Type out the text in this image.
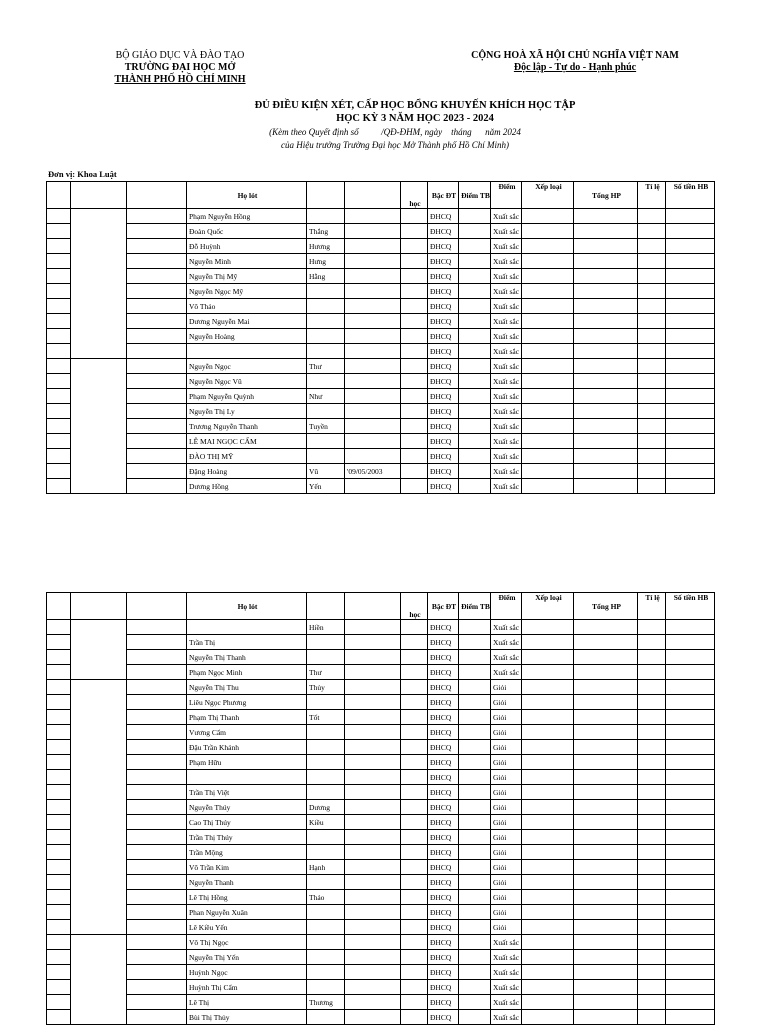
BỘ GIÁO DỤC VÀ ĐÀO TẠO
TRƯỜNG ĐẠI HỌC MỞ
THÀNH PHỐ HỒ CHÍ MINH
CỘNG HOÀ XÃ HỘI CHỦ NGHĨA VIỆT NAM
Độc lập - Tự do - Hạnh phúc
ĐỦ ĐIỀU KIỆN XÉT, CẤP HỌC BỔNG KHUYẾN KHÍCH HỌC TẬP
HỌC KỲ 3 NĂM HỌC 2023 - 2024
(Kèm theo Quyết định số          /QĐ-ĐHM, ngày    tháng      năm 2024
của Hiệu trưởng Trường Đại học Mở Thành phố Hồ Chí Minh)
Đơn vị: Khoa Luật
			Họ lót			học	Bậc ĐT	Điểm TB	Điểm	Xếp loại	Tổng HP	Tỉ lệ	Số tiền HB
			Phạm Nguyễn Hồng				ĐHCQ		Xuất sắc				
			Đoàn Quốc	Thắng			ĐHCQ		Xuất sắc				
			Đỗ Huỳnh	Hương			ĐHCQ		Xuất sắc				
			Nguyễn Minh	Hưng			ĐHCQ		Xuất sắc				
			Nguyễn Thị Mỹ	Hằng			ĐHCQ		Xuất sắc				
			Nguyễn Ngọc Mỹ				ĐHCQ		Xuất sắc				
			Võ Thảo				ĐHCQ		Xuất sắc				
			Dương Nguyễn Mai				ĐHCQ		Xuất sắc				
			Nguyễn Hoàng				ĐHCQ		Xuất sắc				
							ĐHCQ		Xuất sắc				
			Nguyễn Ngọc	Thư			ĐHCQ		Xuất sắc				
			Nguyễn Ngọc Vũ				ĐHCQ		Xuất sắc				
			Phạm Nguyễn Quỳnh	Như			ĐHCQ		Xuất sắc				
			Nguyễn Thị Ly				ĐHCQ		Xuất sắc				
			Trương Nguyễn Thanh	Tuyền			ĐHCQ		Xuất sắc				
			LÊ MAI NGỌC CẨM				ĐHCQ		Xuất sắc				
			ĐÀO THỊ MỸ				ĐHCQ		Xuất sắc				
			Đặng Hoàng	Vũ	'09/05/2003		ĐHCQ		Xuất sắc				
			Dương Hồng	Yến			ĐHCQ		Xuất sắc				
			Họ lót			học	Bậc ĐT	Điểm TB	Điểm	Xếp loại	Tổng HP	Tỉ lệ	Số tiền HB
				Hiền			ĐHCQ		Xuất sắc				
			Trần Thị				ĐHCQ		Xuất sắc				
			Nguyễn Thị Thanh				ĐHCQ		Xuất sắc				
			Phạm Ngọc Minh	Thư			ĐHCQ		Xuất sắc				
			Nguyễn Thị Thu	Thủy			ĐHCQ		Giỏi				
			Liêu Ngọc Phương				ĐHCQ		Giỏi				
			Phạm Thị Thanh	Tốt			ĐHCQ		Giỏi				
			Vương Cẩm				ĐHCQ		Giỏi				
			Đậu Trần Khánh				ĐHCQ		Giỏi				
			Phạm Hữu				ĐHCQ		Giỏi				
							ĐHCQ		Giỏi				
			Trần Thị Việt				ĐHCQ		Giỏi				
			Nguyễn Thúy	Dương			ĐHCQ		Giỏi				
			Cao Thị Thúy	Kiều			ĐHCQ		Giỏi				
			Trần Thị Thúy				ĐHCQ		Giỏi				
			Trần Mộng				ĐHCQ		Giỏi				
			Võ Trần Kim	Hạnh			ĐHCQ		Giỏi				
			Nguyễn Thanh				ĐHCQ		Giỏi				
			Lê Thị Hồng	Thảo			ĐHCQ		Giỏi				
			Phan Nguyễn Xuân				ĐHCQ		Giỏi				
			Lê Kiều Yến				ĐHCQ		Giỏi				
			Võ Thị Ngọc				ĐHCQ		Xuất sắc				
			Nguyễn Thị Yến				ĐHCQ		Xuất sắc				
			Huỳnh Ngọc				ĐHCQ		Xuất sắc				
			Huỳnh Thị Cẩm				ĐHCQ		Xuất sắc				
			Lê Thị	Thương			ĐHCQ		Xuất sắc				
			Bùi Thị Thủy				ĐHCQ		Xuất sắc				
